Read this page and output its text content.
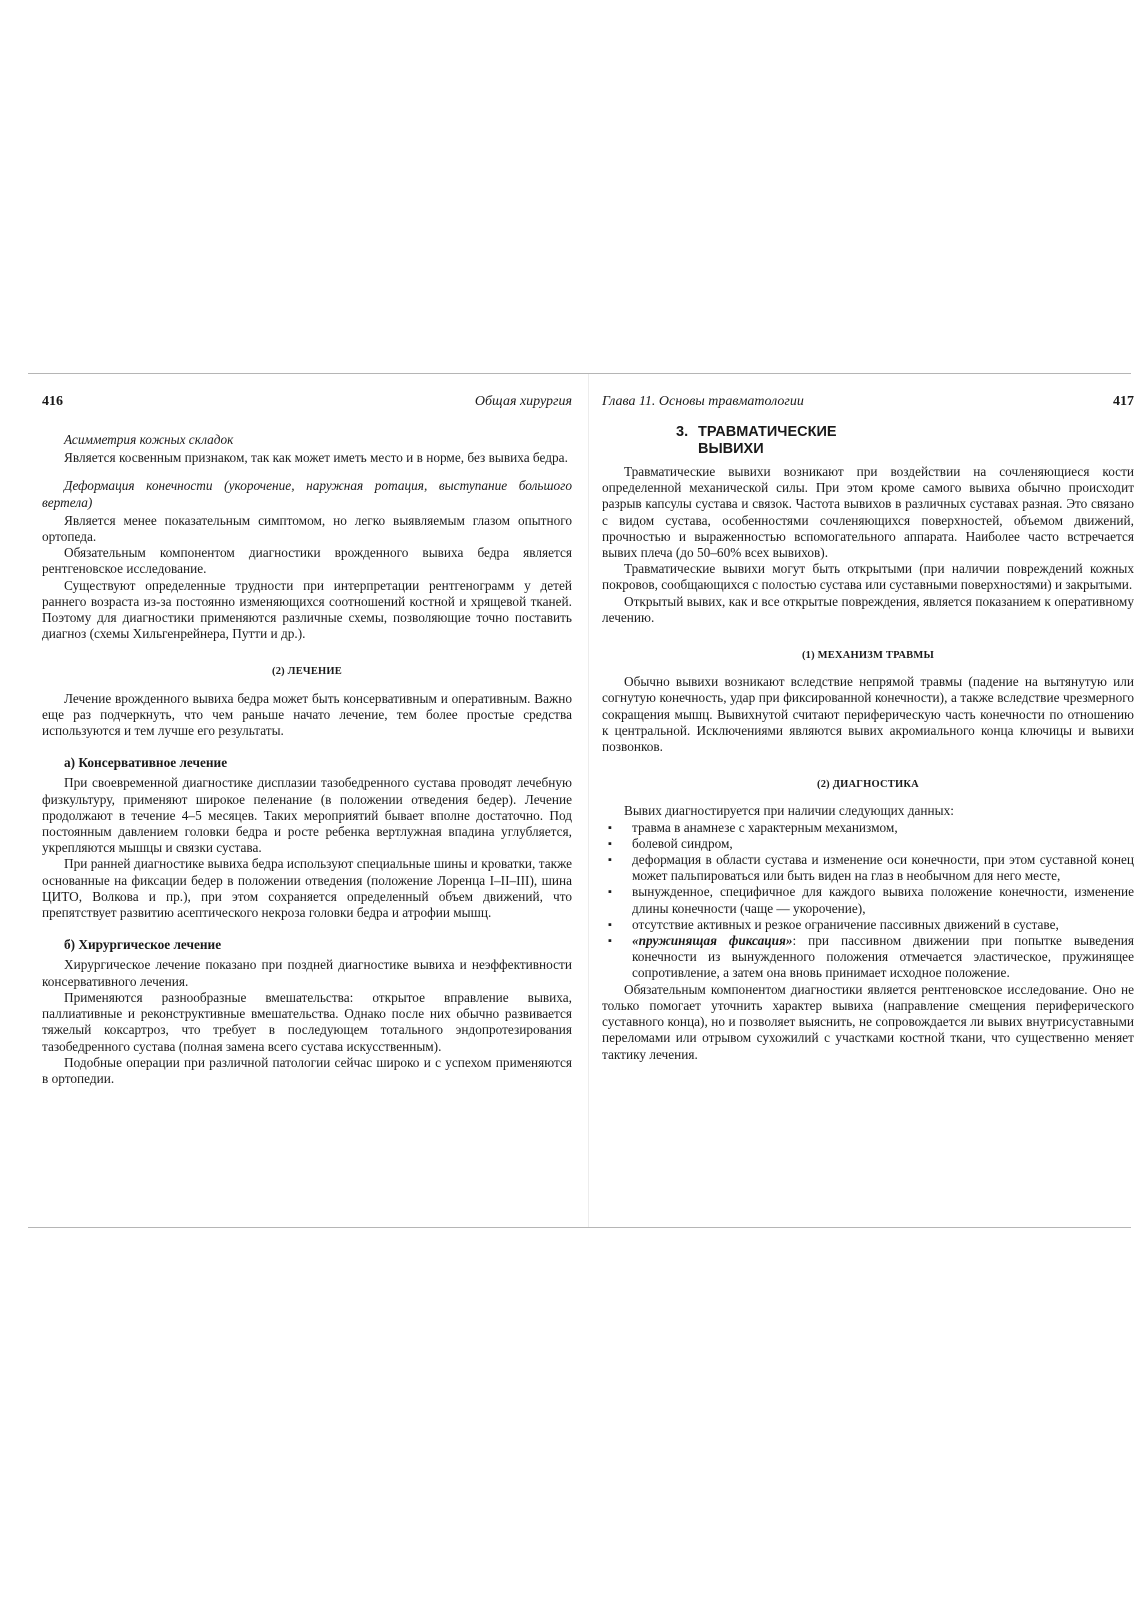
416	Общая хирургия
Асимметрия кожных складок

Является косвенным признаком, так как может иметь место и в норме, без вывиха бедра.

Деформация конечности (укорочение, наружная ротация, выступание большого вертела)

Является менее показательным симптомом, но легко выявляемым глазом опытного ортопеда.

Обязательным компонентом диагностики врожденного вывиха бедра является рентгеновское исследование.

Существуют определенные трудности при интерпретации рентгенограмм у детей раннего возраста из-за постоянно изменяющихся соотношений костной и хрящевой тканей. Поэтому для диагностики применяются различные схемы, позволяющие точно поставить диагноз (схемы Хильгенрейнера, Путти и др.).

(2) ЛЕЧЕНИЕ

Лечение врожденного вывиха бедра может быть консервативным и оперативным. Важно еще раз подчеркнуть, что чем раньше начато лечение, тем более простые средства используются и тем лучше его результаты.

а) Консервативное лечение

При своевременной диагностике дисплазии тазобедренного сустава проводят лечебную физкультуру, применяют широкое пеленание (в положении отведения бедер). Лечение продолжают в течение 4–5 месяцев. Таких мероприятий бывает вполне достаточно. Под постоянным давлением головки бедра и росте ребенка вертлужная впадина углубляется, укрепляются мышцы и связки сустава.

При ранней диагностике вывиха бедра используют специальные шины и кроватки, также основанные на фиксации бедер в положении отведения (положение Лоренца I–II–III), шина ЦИТО, Волкова и пр.), при этом сохраняется определенный объем движений, что препятствует развитию асептического некроза головки бедра и атрофии мышц.

б) Хирургическое лечение

Хирургическое лечение показано при поздней диагностике вывиха и неэффективности консервативного лечения.

Применяются разнообразные вмешательства: открытое вправление вывиха, паллиативные и реконструктивные вмешательства. Однако после них обычно развивается тяжелый коксартроз, что требует в последующем тотального эндопротезирования тазобедренного сустава (полная замена всего сустава искусственным).

Подобные операции при различной патологии сейчас широко и с успехом применяются в ортопедии.

Глава 11. Основы травматологии	417
3. ТРАВМАТИЧЕСКИЕ
ВЫВИХИ

Травматические вывихи возникают при воздействии на сочленяющиеся кости определенной механической силы. При этом кроме самого вывиха обычно происходит разрыв капсулы сустава и связок. Частота вывихов в различных суставах разная. Это связано с видом сустава, особенностями сочленяющихся поверхностей, объемом движений, прочностью и выраженностью вспомогательного аппарата. Наиболее часто встречается вывих плеча (до 50–60% всех вывихов).

Травматические вывихи могут быть открытыми (при наличии повреждений кожных покровов, сообщающихся с полостью сустава или суставными поверхностями) и закрытыми.

Открытый вывих, как и все открытые повреждения, является показанием к оперативному лечению.

(1) МЕХАНИЗМ ТРАВМЫ

Обычно вывихи возникают вследствие непрямой травмы (падение на вытянутую или согнутую конечность, удар при фиксированной конечности), а также вследствие чрезмерного сокращения мышц. Вывихнутой считают периферическую часть конечности по отношению к центральной. Исключениями являются вывих акромиального конца ключицы и вывихи позвонков.

(2) ДИАГНОСТИКА

Вывих диагностируется при наличии следующих данных:

▪ травма в анамнезе с характерным механизмом,
▪ болевой синдром,
▪ деформация в области сустава и изменение оси конечности, при этом суставной конец может пальпироваться или быть виден на глаз в необычном для него месте,
▪ вынужденное, специфичное для каждого вывиха положение конечности, изменение длины конечности (чаще — укорочение),
▪ отсутствие активных и резкое ограничение пассивных движений в суставе,
▪ «пружинящая фиксация»: при пассивном движении при попытке выведения конечности из вынужденного положения отмечается эластическое, пружинящее сопротивление, а затем она вновь принимает исходное положение.

Обязательным компонентом диагностики является рентгеновское исследование. Оно не только помогает уточнить характер вывиха (направление смещения периферического суставного конца), но и позволяет выяснить, не сопровождается ли вывих внутрисуставными переломами или отрывом сухожилий с участками костной ткани, что существенно меняет тактику лечения.
